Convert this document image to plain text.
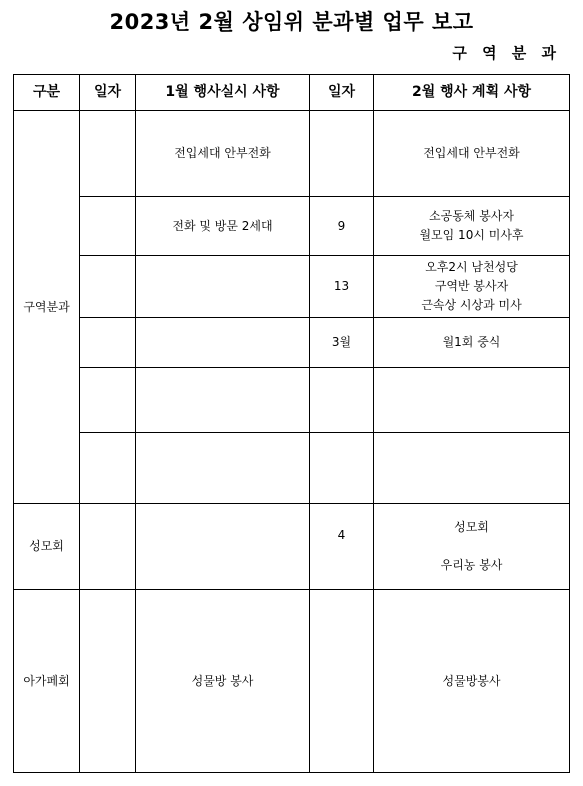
2023년 2월 상임위 분과별 업무 보고
구 역 분 과
구분	일자	1월 행사실시 사항	일자	2월 행사 계획 사항
구역분과		전입세대 안부전화		전입세대 안부전화

		전화 및 방문 2세대	9	소공동체 봉사자
월모임 10시 미사후

			13	오후2시 남천성당
구역반 봉사자
근속상 시상과 미사

			3월	월1회 중식

성모회			4	성모회
우리농 봉사

아가페회		성물방 봉사		성물방봉사
